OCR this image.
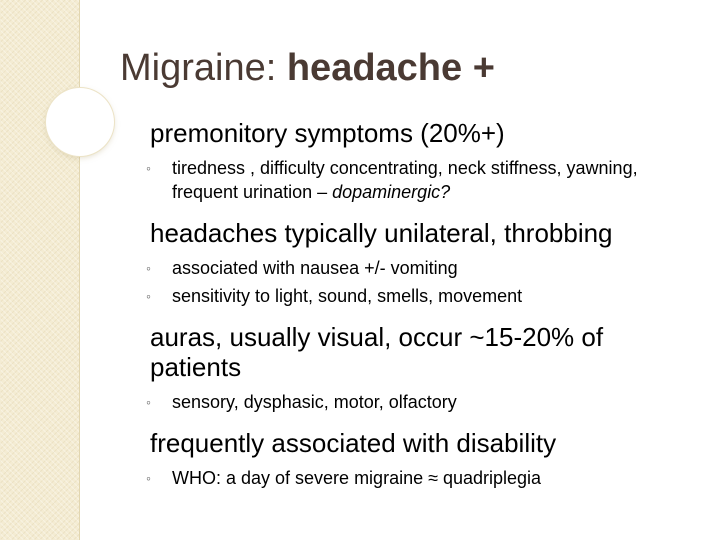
Migraine: headache +

premonitory symptoms (20%+)

◦ tiredness , difficulty concentrating, neck stiffness, yawning, frequent urination – dopaminergic?

headaches typically unilateral, throbbing

◦ associated with nausea +/- vomiting

◦ sensitivity to light, sound, smells, movement

auras, usually visual, occur ~15-20% of patients

◦ sensory, dysphasic, motor, olfactory

frequently associated with disability

◦ WHO: a day of severe migraine ≈ quadriplegia
